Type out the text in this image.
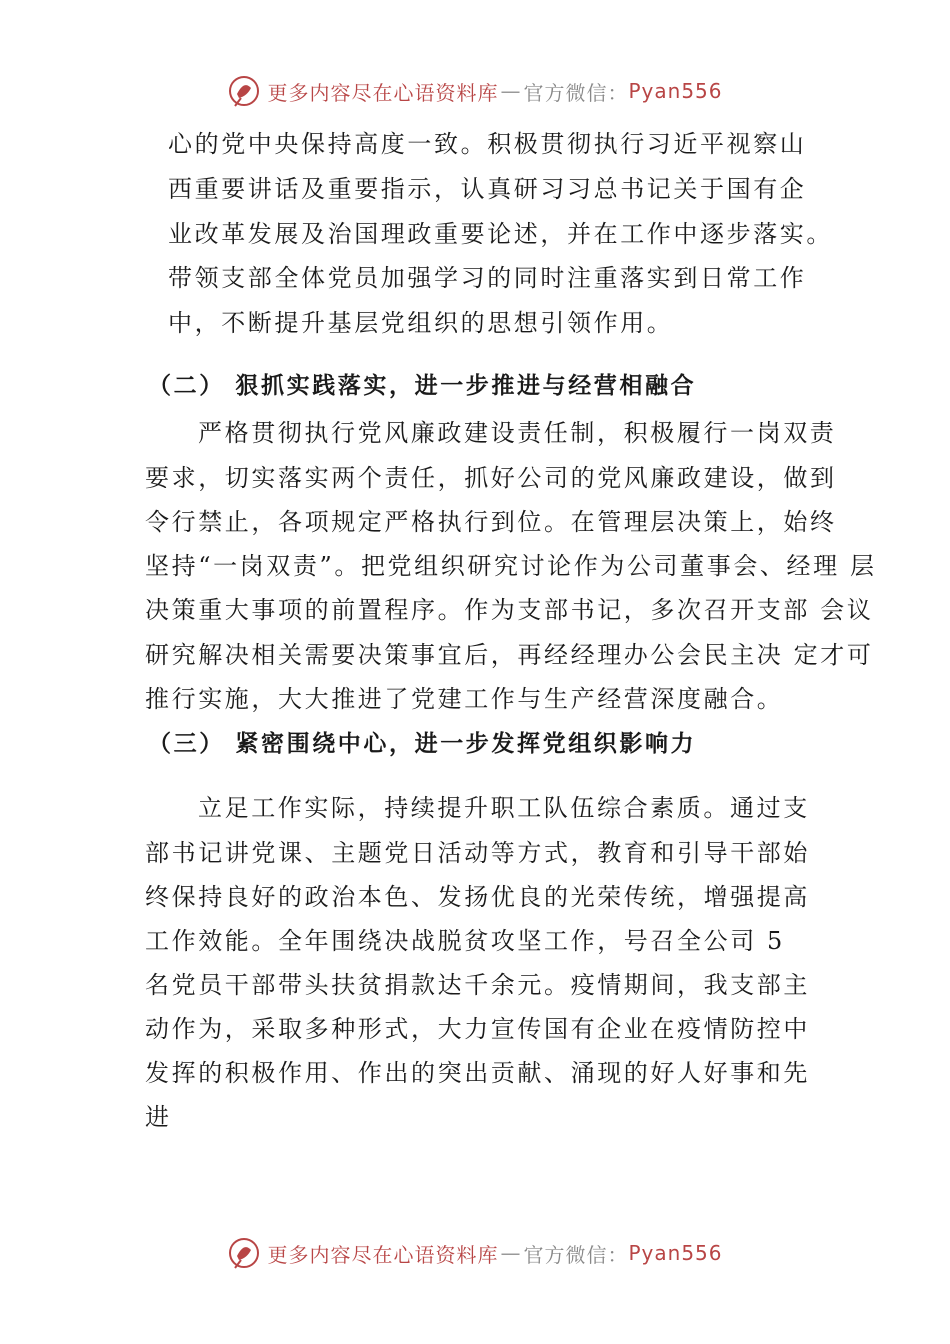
更多内容尽在心语资料库 — 官方微信： Pyan556
心的党中央保持高度一致。积极贯彻执行习近平视察山
西重要讲话及重要指示，认真研习习总书记关于国有企
业改革发展及治国理政重要论述，并在工作中逐步落实。
带领支部全体党员加强学习的同时注重落实到日常工作
中，不断提升基层党组织的思想引领作用。
（二） 狠抓实践落实，进一步推进与经营相融合
严格贯彻执行党风廉政建设责任制，积极履行一岗双责
要求，切实落实两个责任，抓好公司的党风廉政建设，做到
令行禁止，各项规定严格执行到位。在管理层决策上，始终
坚持“一岗双责”。把党组织研究讨论作为公司董事会、经理 层
决策重大事项的前置程序。作为支部书记，多次召开支部 会议
研究解决相关需要决策事宜后，再经经理办公会民主决 定才可
推行实施，大大推进了党建工作与生产经营深度融合。
（三） 紧密围绕中心，进一步发挥党组织影响力
立足工作实际，持续提升职工队伍综合素质。通过支
部书记讲党课、主题党日活动等方式，教育和引导干部始
终保持良好的政治本色、发扬优良的光荣传统，增强提高
工作效能。全年围绕决战脱贫攻坚工作，号召全公司 5
名党员干部带头扶贫捐款达千余元。疫情期间，我支部主
动作为，采取多种形式，大力宣传国有企业在疫情防控中
发挥的积极作用、作出的突出贡献、涌现的好人好事和先
进
更多内容尽在心语资料库 — 官方微信： Pyan556
